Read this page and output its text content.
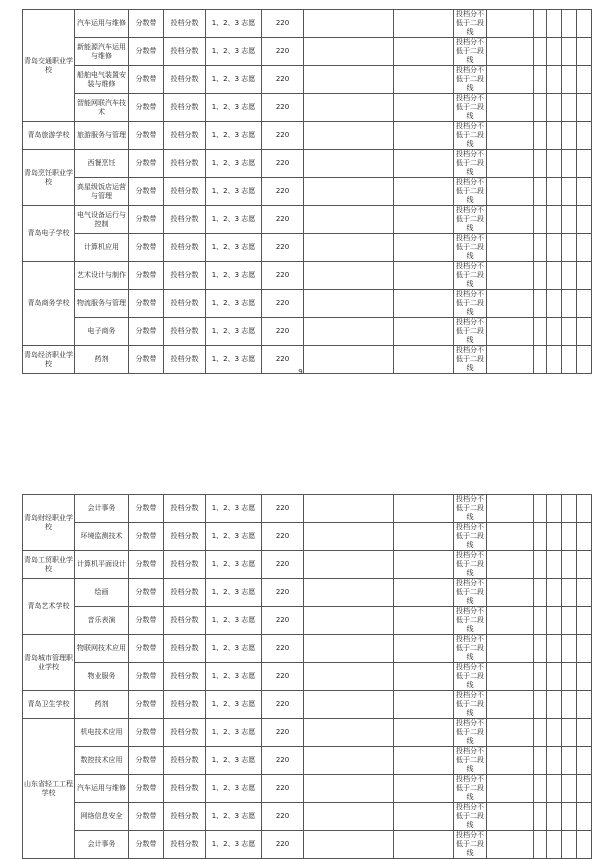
青岛交通职业学校	汽车运用与维修	分数带	投档分数	1、2、3 志愿	220			投档分不低于二段线					
	新能源汽车运用与维修	分数带	投档分数	1、2、3 志愿	220			投档分不低于二段线					
	船舶电气装置安装与维修	分数带	投档分数	1、2、3 志愿	220			投档分不低于二段线					
	智能网联汽车技术	分数带	投档分数	1、2、3 志愿	220			投档分不低于二段线					
青岛旅游学校	旅游服务与管理	分数带	投档分数	1、2、3 志愿	220			投档分不低于二段线					
青岛烹饪职业学校	西餐烹饪	分数带	投档分数	1、2、3 志愿	220			投档分不低于二段线					
	高星级饭店运营与管理	分数带	投档分数	1、2、3 志愿	220			投档分不低于二段线					
青岛电子学校	电气设备运行与控制	分数带	投档分数	1、2、3 志愿	220			投档分不低于二段线					
	计算机应用	分数带	投档分数	1、2、3 志愿	220			投档分不低于二段线					
青岛商务学校	艺术设计与制作	分数带	投档分数	1、2、3 志愿	220			投档分不低于二段线					
	物流服务与管理	分数带	投档分数	1、2、3 志愿	220			投档分不低于二段线					
	电子商务	分数带	投档分数	1、2、3 志愿	220			投档分不低于二段线					
青岛经济职业学校	药剂	分数带	投档分数	1、2、3 志愿	220			投档分不低于二段线					
9
青岛财经职业学校	会计事务	分数带	投档分数	1、2、3 志愿	220			投档分不低于二段线					
	环境监测技术	分数带	投档分数	1、2、3 志愿	220			投档分不低于二段线					
青岛工贸职业学校	计算机平面设计	分数带	投档分数	1、2、3 志愿	220			投档分不低于二段线					
青岛艺术学校	绘画	分数带	投档分数	1、2、3 志愿	220			投档分不低于二段线					
	音乐表演	分数带	投档分数	1、2、3 志愿	220			投档分不低于二段线					
青岛城市管理职业学校	物联网技术应用	分数带	投档分数	1、2、3 志愿	220			投档分不低于二段线					
	物业服务	分数带	投档分数	1、2、3 志愿	220			投档分不低于二段线					
青岛卫生学校	药剂	分数带	投档分数	1、2、3 志愿	220			投档分不低于二段线					
山东省轻工工程学校	机电技术应用	分数带	投档分数	1、2、3 志愿	220			投档分不低于二段线					
	数控技术应用	分数带	投档分数	1、2、3 志愿	220			投档分不低于二段线					
	汽车运用与维修	分数带	投档分数	1、2、3 志愿	220			投档分不低于二段线					
	网络信息安全	分数带	投档分数	1、2、3 志愿	220			投档分不低于二段线					
	会计事务	分数带	投档分数	1、2、3 志愿	220			投档分不低于二段线					
